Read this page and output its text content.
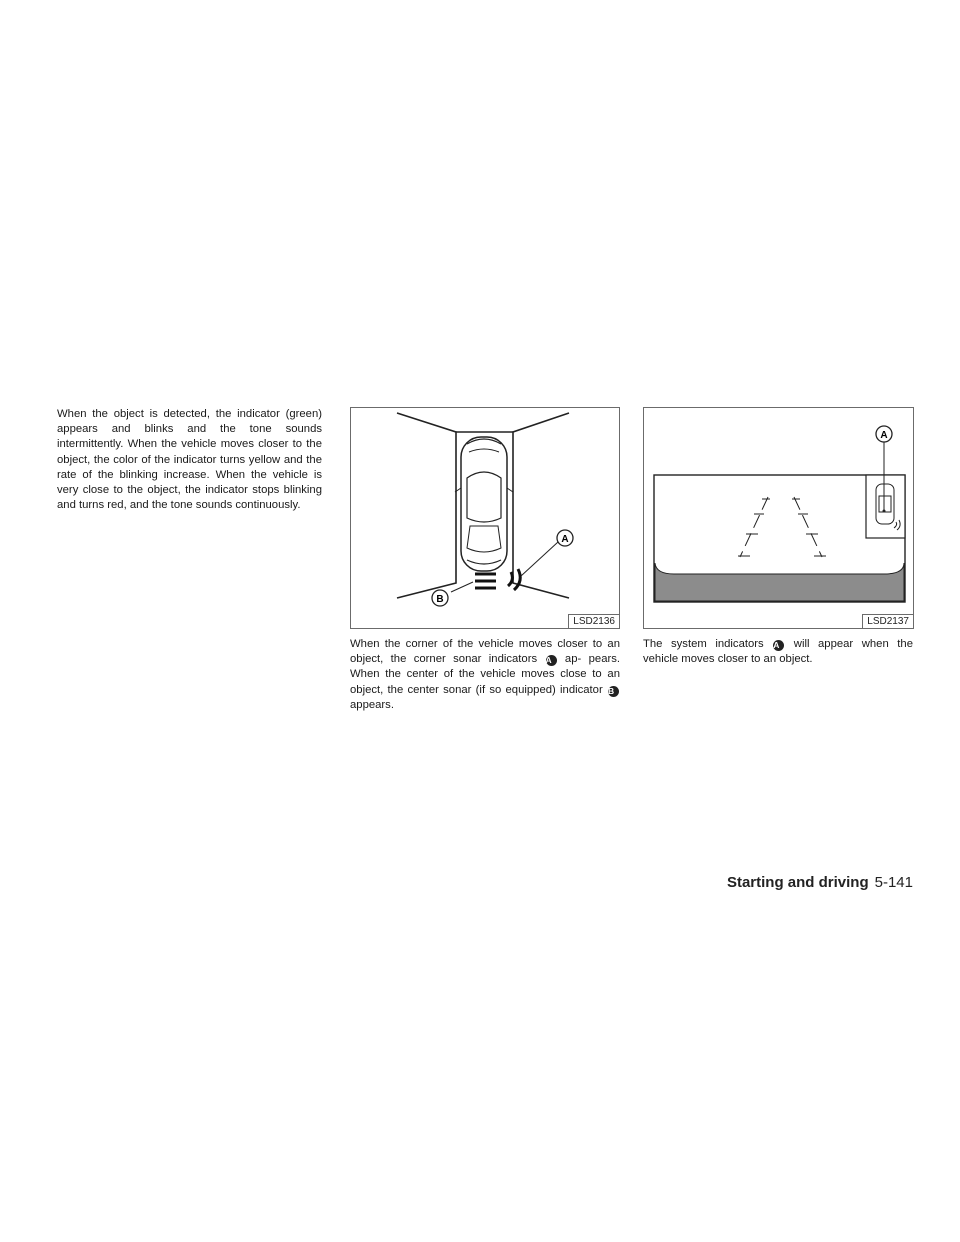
When the object is detected, the indicator (green) appears and blinks and the tone sounds intermittently. When the vehicle moves closer to the object, the color of the indicator turns yellow and the rate of the blinking increase. When the vehicle is very close to the object, the indicator stops blinking and turns red, and the tone sounds continuously.
A
B
LSD2136
A
LSD2137
When the corner of the vehicle moves closer to an object, the corner sonar indicators A ap- pears. When the center of the vehicle moves close to an object, the center sonar (if so equipped) indicator B appears.
The system indicators A will appear when the vehicle moves closer to an object.
Starting and driving 5-141
